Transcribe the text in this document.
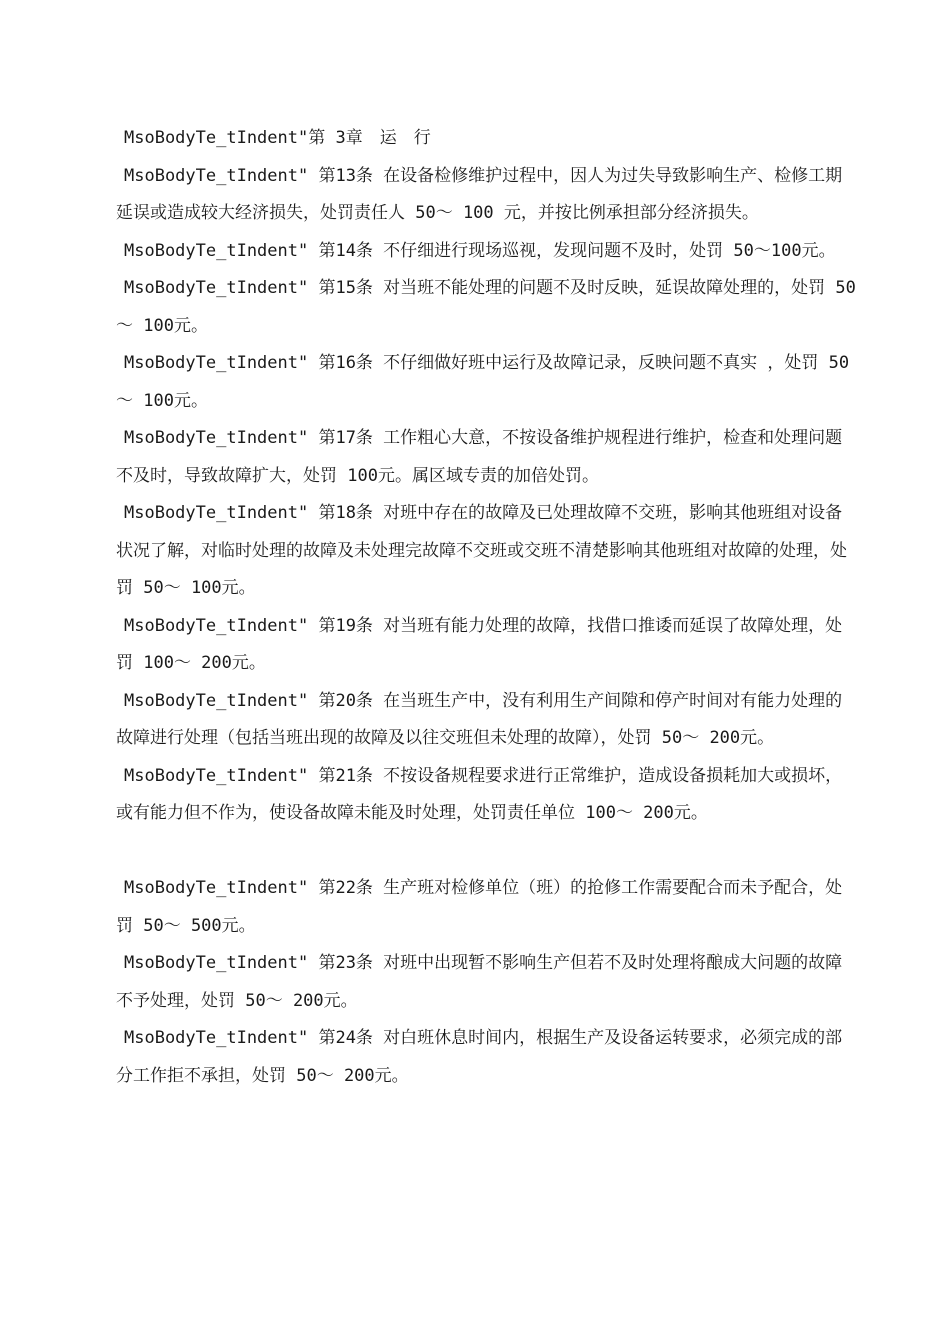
MsoBodyTe_tIndent"第 3章　运　行

MsoBodyTe_tIndent" 第13条 在设备检修维护过程中，因人为过失导致影响生产、检修工期延误或造成较大经济损失，处罚责任人 50～ 100 元，并按比例承担部分经济损失。

MsoBodyTe_tIndent" 第14条 不仔细进行现场巡视，发现问题不及时，处罚 50～100元。

MsoBodyTe_tIndent" 第15条 对当班不能处理的问题不及时反映，延误故障处理的，处罚 50～ 100元。

MsoBodyTe_tIndent" 第16条 不仔细做好班中运行及故障记录，反映问题不真实 ，处罚 50～ 100元。

MsoBodyTe_tIndent" 第17条 工作粗心大意，不按设备维护规程进行维护，检查和处理问题不及时，导致故障扩大，处罚 100元。属区域专责的加倍处罚。

MsoBodyTe_tIndent" 第18条 对班中存在的故障及已处理故障不交班，影响其他班组对设备状况了解，对临时处理的故障及未处理完故障不交班或交班不清楚影响其他班组对故障的处理，处罚 50～ 100元。

MsoBodyTe_tIndent" 第19条 对当班有能力处理的故障，找借口推诿而延误了故障处理，处罚 100～ 200元。

MsoBodyTe_tIndent" 第20条 在当班生产中，没有利用生产间隙和停产时间对有能力处理的故障进行处理（包括当班出现的故障及以往交班但未处理的故障），处罚 50～ 200元。

MsoBodyTe_tIndent" 第21条 不按设备规程要求进行正常维护，造成设备损耗加大或损坏，或有能力但不作为，使设备故障未能及时处理，处罚责任单位 100～ 200元。

MsoBodyTe_tIndent" 第22条 生产班对检修单位（班）的抢修工作需要配合而未予配合，处罚 50～ 500元。

MsoBodyTe_tIndent" 第23条 对班中出现暂不影响生产但若不及时处理将酿成大问题的故障不予处理，处罚 50～ 200元。

MsoBodyTe_tIndent" 第24条 对白班休息时间内，根据生产及设备运转要求，必须完成的部分工作拒不承担，处罚 50～ 200元。
